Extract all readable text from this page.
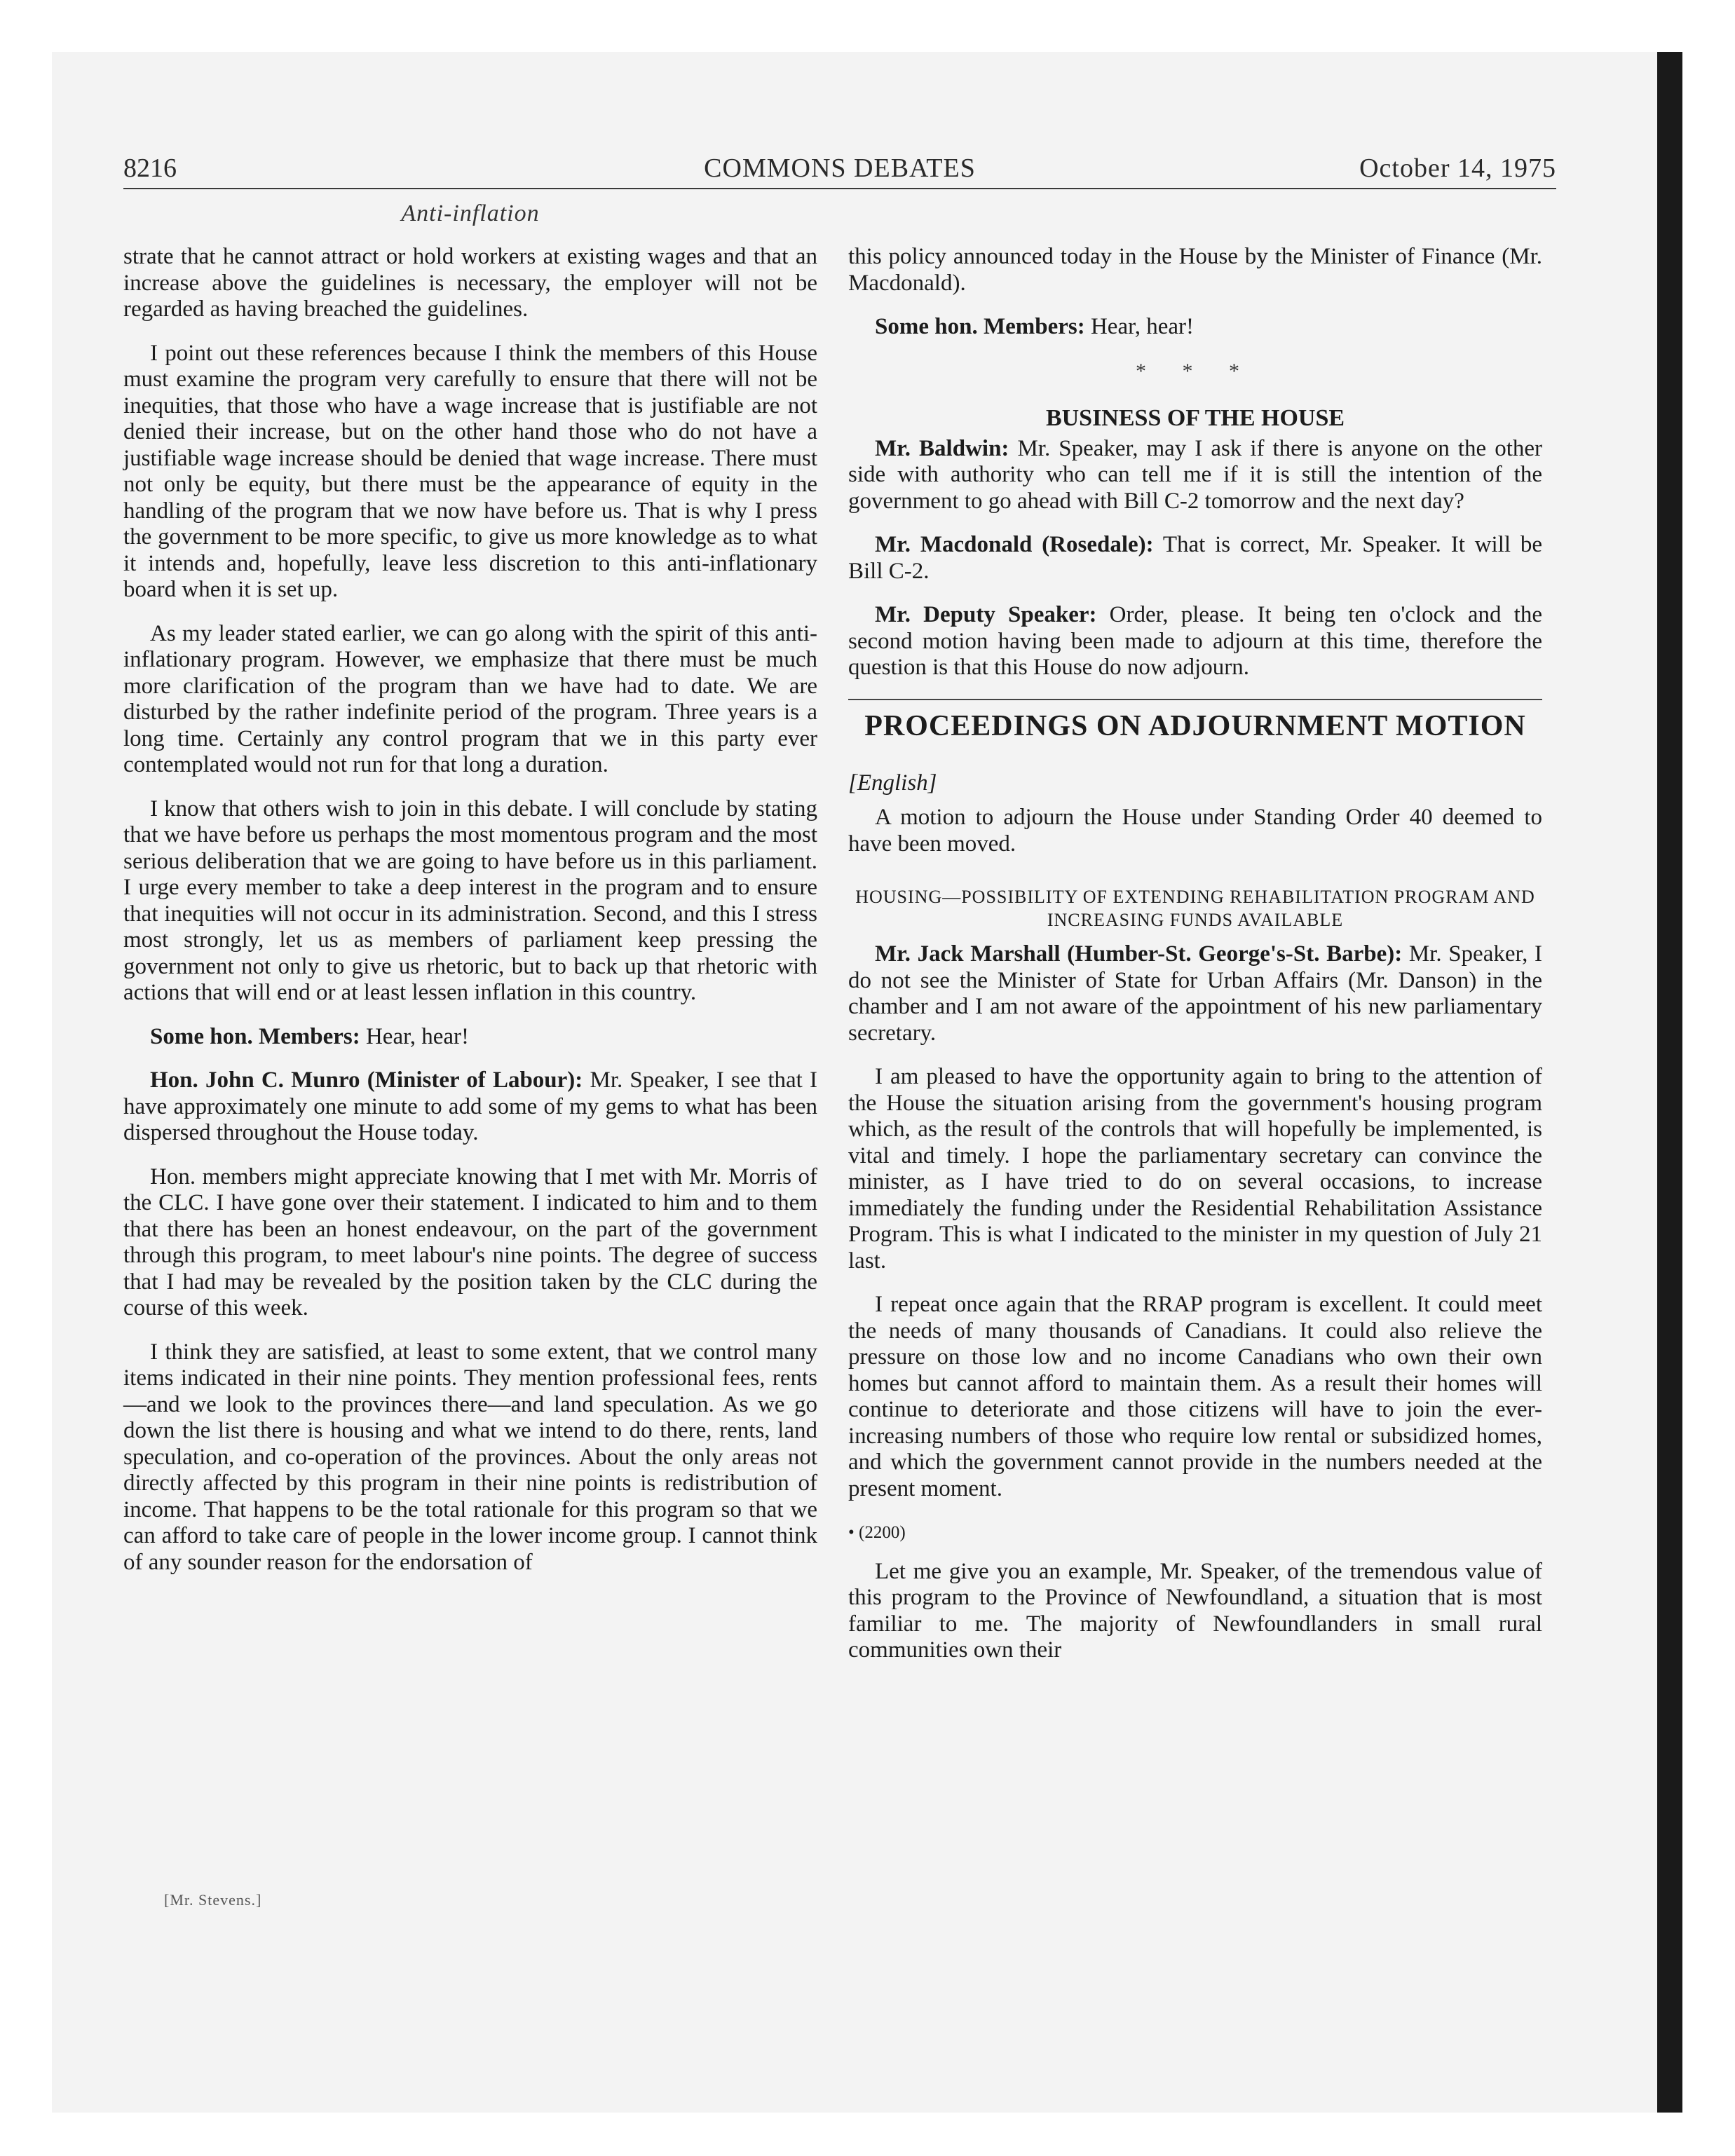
8216	COMMONS DEBATES	October 14, 1975
Anti-inflation

strate that he cannot attract or hold workers at existing wages and that an increase above the guidelines is necessary, the employer will not be regarded as having breached the guidelines.

I point out these references because I think the members of this House must examine the program very carefully to ensure that there will not be inequities, that those who have a wage increase that is justifiable are not denied their increase, but on the other hand those who do not have a justifiable wage increase should be denied that wage increase. There must not only be equity, but there must be the appearance of equity in the handling of the program that we now have before us. That is why I press the government to be more specific, to give us more knowledge as to what it intends and, hopefully, leave less discretion to this anti-inflationary board when it is set up.

As my leader stated earlier, we can go along with the spirit of this anti-inflationary program. However, we emphasize that there must be much more clarification of the program than we have had to date. We are disturbed by the rather indefinite period of the program. Three years is a long time. Certainly any control program that we in this party ever contemplated would not run for that long a duration.

I know that others wish to join in this debate. I will conclude by stating that we have before us perhaps the most momentous program and the most serious deliberation that we are going to have before us in this parliament. I urge every member to take a deep interest in the program and to ensure that inequities will not occur in its administration. Second, and this I stress most strongly, let us as members of parliament keep pressing the government not only to give us rhetoric, but to back up that rhetoric with actions that will end or at least lessen inflation in this country.

Some hon. Members: Hear, hear!

Hon. John C. Munro (Minister of Labour): Mr. Speaker, I see that I have approximately one minute to add some of my gems to what has been dispersed throughout the House today.

Hon. members might appreciate knowing that I met with Mr. Morris of the CLC. I have gone over their statement. I indicated to him and to them that there has been an honest endeavour, on the part of the government through this program, to meet labour's nine points. The degree of success that I had may be revealed by the position taken by the CLC during the course of this week.

I think they are satisfied, at least to some extent, that we control many items indicated in their nine points. They mention professional fees, rents—and we look to the provinces there—and land speculation. As we go down the list there is housing and what we intend to do there, rents, land speculation, and co-operation of the provinces. About the only areas not directly affected by this program in their nine points is redistribution of income. That happens to be the total rationale for this program so that we can afford to take care of people in the lower income group. I cannot think of any sounder reason for the endorsation of

this policy announced today in the House by the Minister of Finance (Mr. Macdonald).

Some hon. Members: Hear, hear!

* * *
BUSINESS OF THE HOUSE

Mr. Baldwin: Mr. Speaker, may I ask if there is anyone on the other side with authority who can tell me if it is still the intention of the government to go ahead with Bill C-2 tomorrow and the next day?

Mr. Macdonald (Rosedale): That is correct, Mr. Speaker. It will be Bill C-2.

Mr. Deputy Speaker: Order, please. It being ten o'clock and the second motion having been made to adjourn at this time, therefore the question is that this House do now adjourn.

PROCEEDINGS ON ADJOURNMENT MOTION
[English]

A motion to adjourn the House under Standing Order 40 deemed to have been moved.

HOUSING—POSSIBILITY OF EXTENDING REHABILITATION PROGRAM AND INCREASING FUNDS AVAILABLE

Mr. Jack Marshall (Humber-St. George's-St. Barbe): Mr. Speaker, I do not see the Minister of State for Urban Affairs (Mr. Danson) in the chamber and I am not aware of the appointment of his new parliamentary secretary.

I am pleased to have the opportunity again to bring to the attention of the House the situation arising from the government's housing program which, as the result of the controls that will hopefully be implemented, is vital and timely. I hope the parliamentary secretary can convince the minister, as I have tried to do on several occasions, to increase immediately the funding under the Residential Rehabilitation Assistance Program. This is what I indicated to the minister in my question of July 21 last.

I repeat once again that the RRAP program is excellent. It could meet the needs of many thousands of Canadians. It could also relieve the pressure on those low and no income Canadians who own their own homes but cannot afford to maintain them. As a result their homes will continue to deteriorate and those citizens will have to join the ever-increasing numbers of those who require low rental or subsidized homes, and which the government cannot provide in the numbers needed at the present moment.

• (2200)

Let me give you an example, Mr. Speaker, of the tremendous value of this program to the Province of Newfoundland, a situation that is most familiar to me. The majority of Newfoundlanders in small rural communities own their

[Mr. Stevens.]
